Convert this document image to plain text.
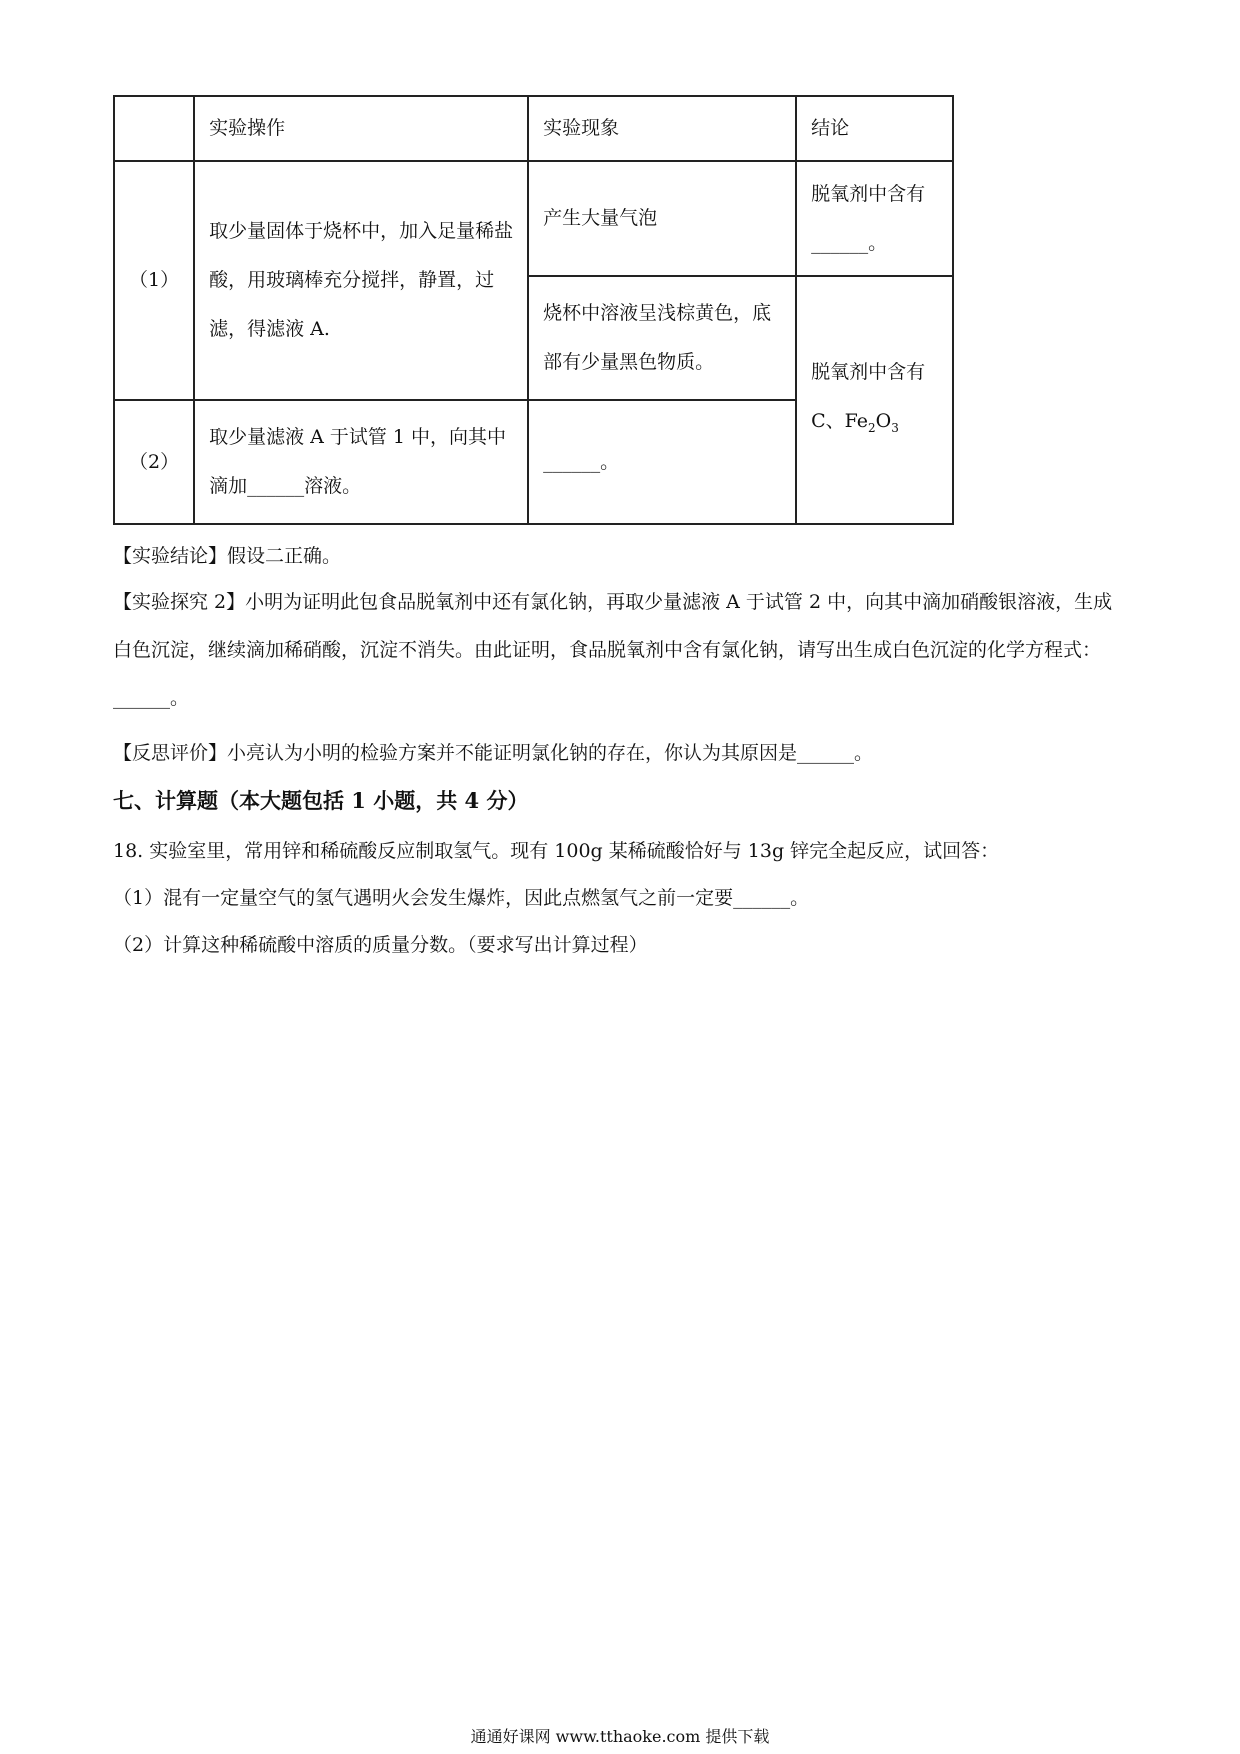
	实验操作	实验现象	结论
（1）	取少量固体于烧杯中，加入足量稀盐酸，用玻璃棒充分搅拌，静置，过滤，得滤液 A.	产生大量气泡	脱氧剂中含有
______。
		烧杯中溶液呈浅棕黄色，底部有少量黑色物质。	脱氧剂中含有
C、$Fe_2O_3$
（2）	取少量滤液 A 于试管 1 中，向其中滴加______溶液。	______。	
【实验结论】假设二正确。
【实验探究 2】小明为证明此包食品脱氧剂中还有氯化钠，再取少量滤液 A 于试管 2 中，向其中滴加硝酸银溶液，生成白色沉淀，继续滴加稀硝酸，沉淀不消失。由此证明，食品脱氧剂中含有氯化钠，请写出生成白色沉淀的化学方程式：______。
【反思评价】小亮认为小明的检验方案并不能证明氯化钠的存在，你认为其原因是______。
七、计算题（本大题包括 1 小题，共 4 分）
18. 实验室里，常用锌和稀硫酸反应制取氢气。现有 100g 某稀硫酸恰好与 13g 锌完全起反应，试回答：
（1）混有一定量空气的氢气遇明火会发生爆炸，因此点燃氢气之前一定要______。
（2）计算这种稀硫酸中溶质的质量分数。（要求写出计算过程）
通通好课网 www.tthaoke.com 提供下载
